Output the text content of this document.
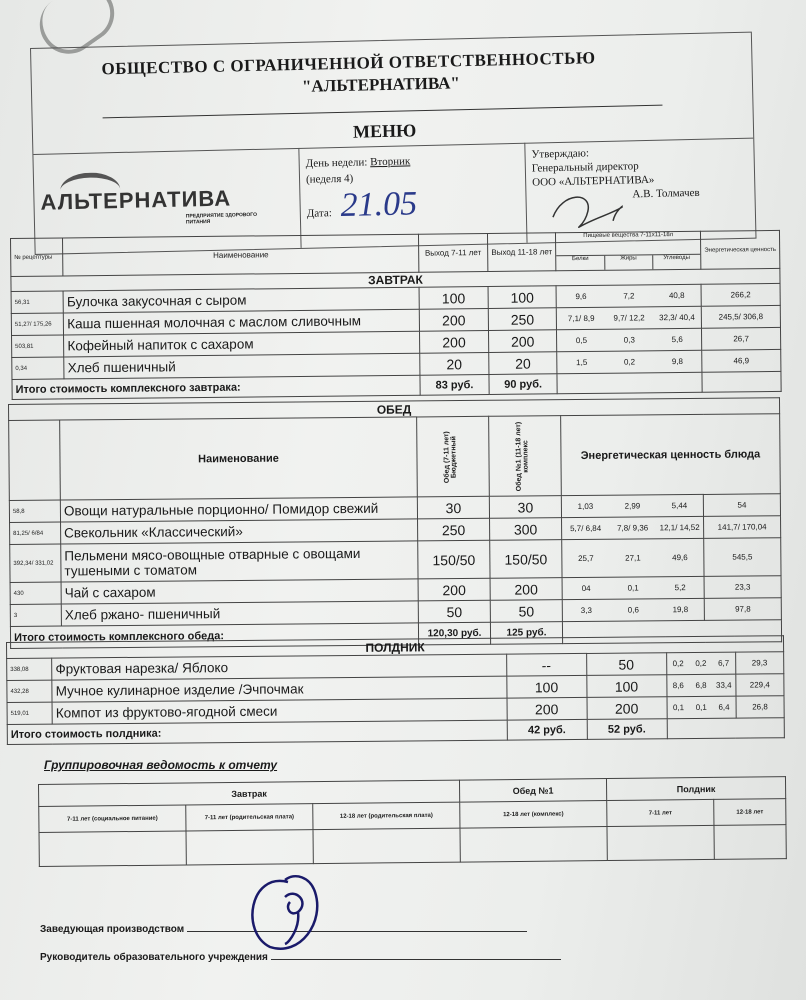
ОБЩЕСТВО С ОГРАНИЧЕННОЙ ОТВЕТСТВЕННОСТЬЮ
"АЛЬТЕРНАТИВА"
МЕНЮ
АЛЬТЕРНАТИВА
ПРЕДПРИЯТИЕ ЗДОРОВОГО ПИТАНИЯ
День недели: Вторник
(неделя 4)
Дата: 21.05
Утверждаю:
Генеральный директор
ООО «АЛЬТЕРНАТИВА»
А.В. Толмачев
№ рецептуры	Наименование	Выход 7-11 лет	Выход 11-18 лет	Пищевые вещества 7-11х11-18л
Белки Жиры Углеводы	Энергетическая ценность
ЗАВТРАК					
56,31	Булочка закусочная с сыром	100	100	9,6 7,2 40,8	266,2
51,27/ 175,26	Каша пшенная молочная с маслом сливочным	200	250	7,1/ 8,9 9,7/ 12,2 32,3/ 40,4	245,5/ 306,8
503,81	Кофейный напиток с сахаром	200	200	0,5 0,3 5,6	26,7
0,34	Хлеб пшеничный	20	20	1,5 0,2 9,8	46,9
Итого стоимость комплексного завтрака:		83 руб.	90 руб.		
ОБЕД					
	Наименование	Обед (7-11 лет) Бюджетный	Обед №1 (11-18 лет) комплекс	Энергетическая ценность блюда	
58,8	Овощи натуральные порционно/ Помидор свежий	30	30	1,03 2,99 5,44	54
81,25/ 6/84	Свекольник «Классический»	250	300	5,7/ 6,84 7,8/ 9,36 12,1/ 14,52	141,7/ 170,04
392,34/ 331,02	Пельмени мясо-овощные отварные с овощами тушеными с томатом	150/50	150/50	25,7 27,1 49,6	545,5
430	Чай с сахаром	200	200	04 0,1 5,2	23,3
3	Хлеб ржано- пшеничный	50	50	3,3 0,6 19,8	97,8
Итого стоимость комплексного обеда:		120,30 руб.	125 руб.		
ПОЛДНИК					
338,08	Фруктовая нарезка/ Яблоко	--	50	0,2 0,2 6,7	29,3
432,28	Мучное кулинарное изделие /Эчпочмак	100	100	8,6 6,8 33,4	229,4
519,01	Компот из фруктово-ягодной смеси	200	200	0,1 0,1 6,4	26,8
Итого стоимость полдника:		42 руб.	52 руб.		
Группировочная ведомость к отчету
Завтрак			Обед №1	Полдник	
7-11 лет (социальное питание)	7-11 лет (родительская плата)	12-18 лет (родительская плата)	12-18 лет (комплекс)	7-11 лет	12-18 лет

Заведующая производством
Руководитель образовательного учреждения
